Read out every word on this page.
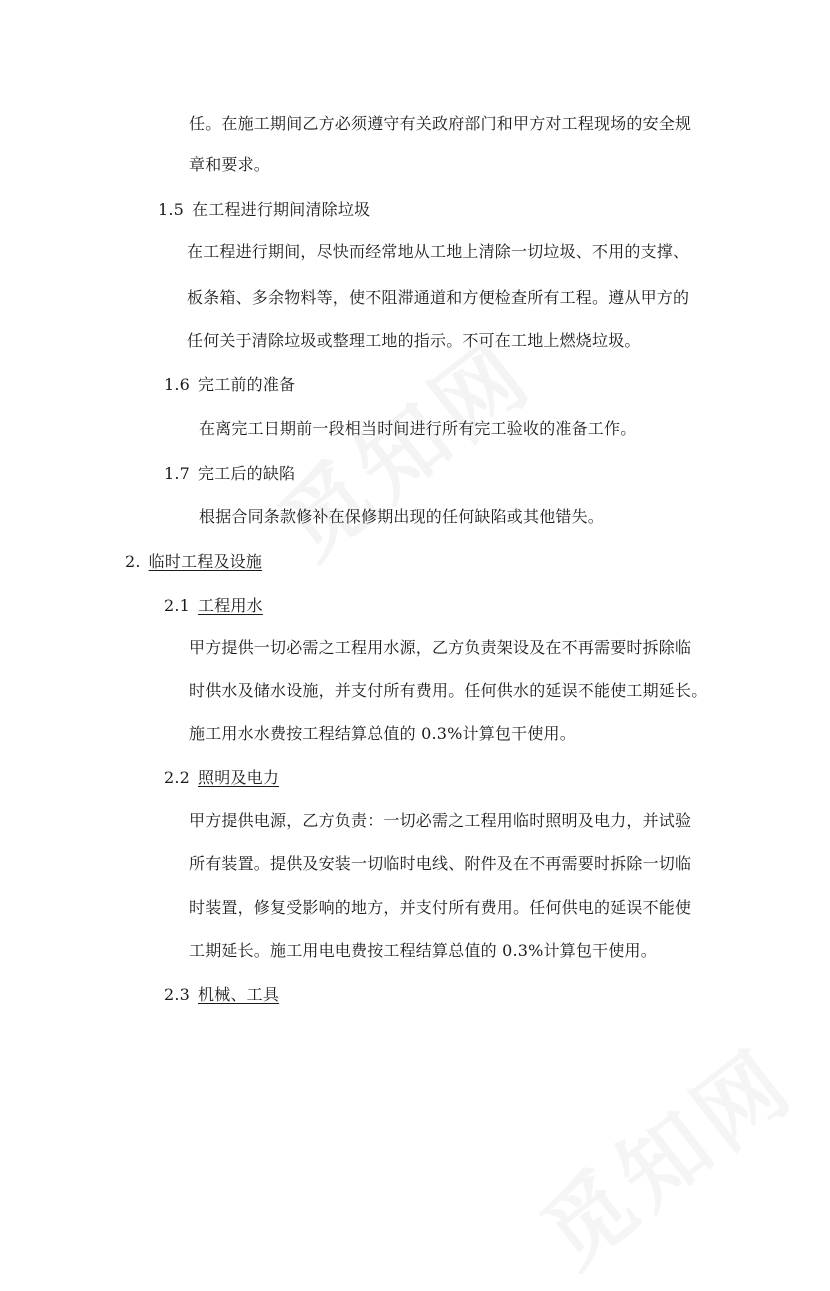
任。在施工期间乙方必须遵守有关政府部门和甲方对工程现场的安全规
章和要求。
1.5 在工程进行期间清除垃圾
在工程进行期间，尽快而经常地从工地上清除一切垃圾、不用的支撑、
板条箱、多余物料等，使不阻滞通道和方便检查所有工程。遵从甲方的
任何关于清除垃圾或整理工地的指示。不可在工地上燃烧垃圾。
1.6 完工前的准备
在离完工日期前一段相当时间进行所有完工验收的准备工作。
1.7 完工后的缺陷
根据合同条款修补在保修期出现的任何缺陷或其他错失。
2. 临时工程及设施
2.1 工程用水
甲方提供一切必需之工程用水源，乙方负责架设及在不再需要时拆除临
时供水及储水设施，并支付所有费用。任何供水的延误不能使工期延长。
施工用水水费按工程结算总值的 0.3%计算包干使用。
2.2 照明及电力
甲方提供电源，乙方负责：一切必需之工程用临时照明及电力，并试验
所有装置。提供及安装一切临时电线、附件及在不再需要时拆除一切临
时装置，修复受影响的地方，并支付所有费用。任何供电的延误不能使
工期延长。施工用电电费按工程结算总值的 0.3%计算包干使用。
2.3 机械、工具
